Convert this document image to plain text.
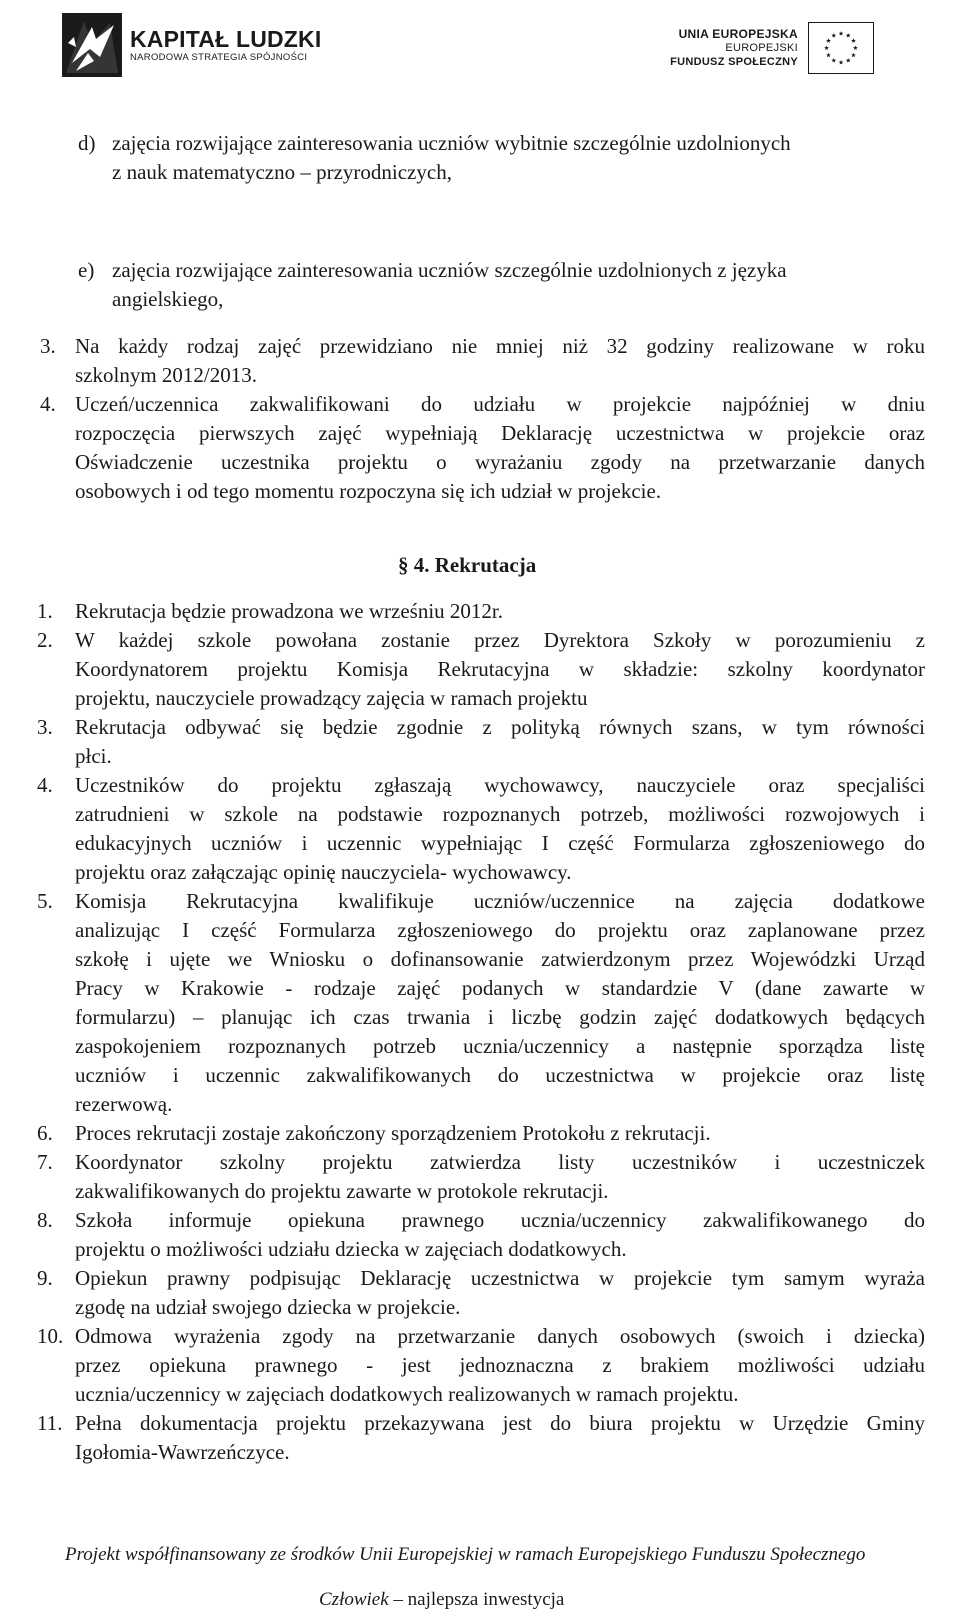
KAPITAŁ LUDZKI
NARODOWA STRATEGIA SPÓJNOŚCI
UNIA EUROPEJSKA
EUROPEJSKI
FUNDUSZ SPOŁECZNY
d) zajęcia rozwijające zainteresowania uczniów wybitnie szczególnie uzdolnionych
z nauk matematyczno – przyrodniczych,
e) zajęcia rozwijające zainteresowania uczniów szczególnie uzdolnionych z języka
angielskiego,
3. Na każdy rodzaj zajęć przewidziano nie mniej niż 32 godziny realizowane w roku
szkolnym 2012/2013.
4. Uczeń/uczennica zakwalifikowani do udziału w projekcie najpóźniej w dniu
rozpoczęcia pierwszych zajęć wypełniają Deklarację uczestnictwa w projekcie oraz
Oświadczenie uczestnika projektu o wyrażaniu zgody na przetwarzanie danych
osobowych i od tego momentu rozpoczyna się ich udział w projekcie.
§ 4. Rekrutacja
1. Rekrutacja będzie prowadzona we wrześniu 2012r.
2. W każdej szkole powołana zostanie przez Dyrektora Szkoły w porozumieniu z
Koordynatorem projektu Komisja Rekrutacyjna w składzie: szkolny koordynator
projektu, nauczyciele prowadzący zajęcia w ramach projektu
3. Rekrutacja odbywać się będzie zgodnie z polityką równych szans, w tym równości
płci.
4. Uczestników do projektu zgłaszają wychowawcy, nauczyciele oraz specjaliści
zatrudnieni w szkole na podstawie rozpoznanych potrzeb, możliwości rozwojowych i
edukacyjnych uczniów i uczennic wypełniając I część Formularza zgłoszeniowego do
projektu oraz załączając opinię nauczyciela- wychowawcy.
5. Komisja Rekrutacyjna kwalifikuje uczniów/uczennice na zajęcia dodatkowe
analizując I część Formularza zgłoszeniowego do projektu oraz zaplanowane przez
szkołę i ujęte we Wniosku o dofinansowanie zatwierdzonym przez Wojewódzki Urząd
Pracy w Krakowie - rodzaje zajęć podanych w standardzie V (dane zawarte w
formularzu) – planując ich czas trwania i liczbę godzin zajęć dodatkowych będących
zaspokojeniem rozpoznanych potrzeb ucznia/uczennicy a następnie sporządza listę
uczniów i uczennic zakwalifikowanych do uczestnictwa w projekcie oraz listę
rezerwową.
6. Proces rekrutacji zostaje zakończony sporządzeniem Protokołu z rekrutacji.
7. Koordynator szkolny projektu zatwierdza listy uczestników i uczestniczek
zakwalifikowanych do projektu zawarte w protokole rekrutacji.
8. Szkoła informuje opiekuna prawnego ucznia/uczennicy zakwalifikowanego do
projektu o możliwości udziału dziecka w zajęciach dodatkowych.
9. Opiekun prawny podpisując Deklarację uczestnictwa w projekcie tym samym wyraża
zgodę na udział swojego dziecka w projekcie.
10. Odmowa wyrażenia zgody na przetwarzanie danych osobowych (swoich i dziecka)
przez opiekuna prawnego - jest jednoznaczna z brakiem możliwości udziału
ucznia/uczennicy w zajęciach dodatkowych realizowanych w ramach projektu.
11. Pełna dokumentacja projektu przekazywana jest do biura projektu w Urzędzie Gminy
Igołomia-Wawrzeńczyce.
Projekt współfinansowany ze środków Unii Europejskiej w ramach Europejskiego Funduszu Społecznego
Człowiek – najlepsza inwestycja
